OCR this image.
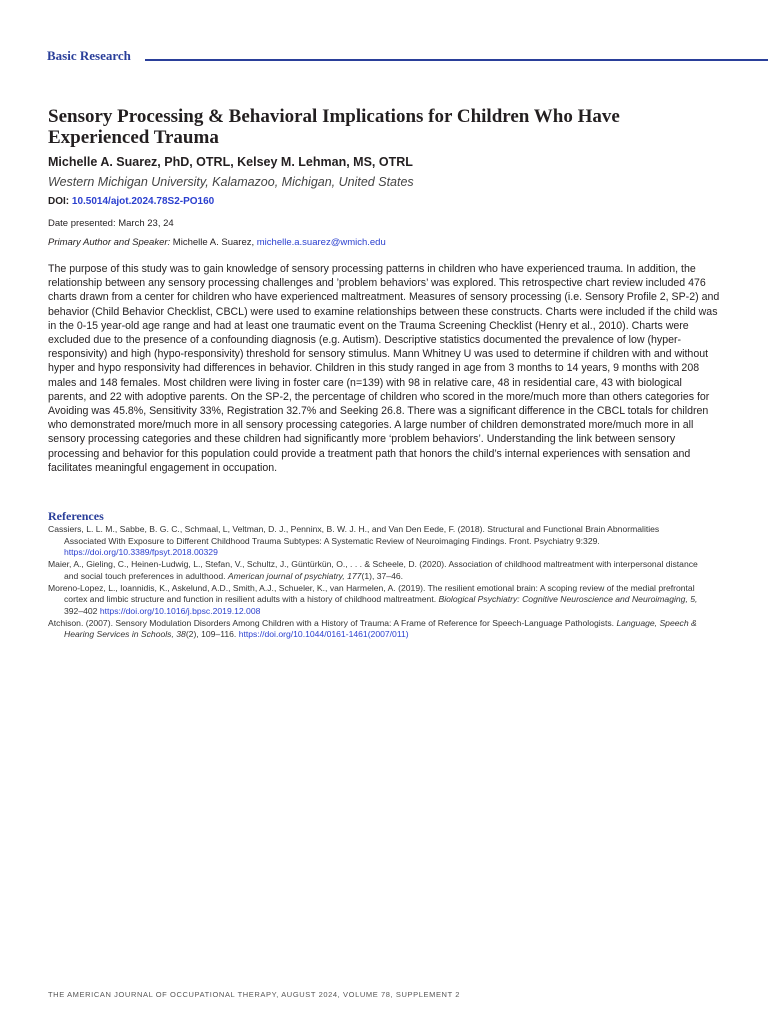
Basic Research
Sensory Processing & Behavioral Implications for Children Who Have Experienced Trauma
Michelle A. Suarez, PhD, OTRL, Kelsey M. Lehman, MS, OTRL
Western Michigan University, Kalamazoo, Michigan, United States
DOI: 10.5014/ajot.2024.78S2-PO160
Date presented: March 23, 24
Primary Author and Speaker: Michelle A. Suarez, michelle.a.suarez@wmich.edu

The purpose of this study was to gain knowledge of sensory processing patterns in children who have experienced trauma. In addition, the relationship between any sensory processing challenges and ’problem behaviors’ was explored. This retrospective chart review included 476 charts drawn from a center for children who have experienced maltreatment. Measures of sensory processing (i.e. Sensory Profile 2, SP-2) and behavior (Child Behavior Checklist, CBCL) were used to examine relationships between these constructs. Charts were included if the child was in the 0-15 year-old age range and had at least one traumatic event on the Trauma Screening Checklist (Henry et al., 2010). Charts were excluded due to the presence of a confounding diagnosis (e.g. Autism). Descriptive statistics documented the prevalence of low (hyper- responsivity) and high (hypo-responsivity) threshold for sensory stimulus. Mann Whitney U was used to determine if children with and without hyper and hypo responsivity had differences in behavior. Children in this study ranged in age from 3 months to 14 years, 9 months with 208 males and 148 females. Most children were living in foster care (n=139) with 98 in relative care, 48 in residential care, 43 with biological parents, and 22 with adoptive parents. On the SP-2, the percentage of children who scored in the more/much more than others categories for Avoiding was 45.8%, Sensitivity 33%, Registration 32.7% and Seeking 26.8. There was a significant difference in the CBCL totals for children who demonstrated more/much more in all sensory processing categories. A large number of children demonstrated more/much more in all sensory processing categories and these children had significantly more ‘problem behaviors’. Understanding the link between sensory processing and behavior for this population could provide a treatment path that honors the child’s internal experiences with sensation and facilitates meaningful engagement in occupation.

References

Cassiers, L. L. M., Sabbe, B. G. C., Schmaal, L, Veltman, D. J., Penninx, B. W. J. H., and Van Den Eede, F. (2018). Structural and Functional Brain Abnormalities Associated With Exposure to Different Childhood Trauma Subtypes: A Systematic Review of Neuroimaging Findings. Front. Psychiatry 9:329. https://doi.org/10.3389/fpsyt.2018.00329

Maier, A., Gieling, C., Heinen-Ludwig, L., Stefan, V., Schultz, J., Güntürkün, O., . . . & Scheele, D. (2020). Association of childhood maltreatment with interpersonal distance and social touch preferences in adulthood. American journal of psychiatry, 177(1), 37–46.

Moreno-Lopez, L., Ioannidis, K., Askelund, A.D., Smith, A.J., Schueler, K., van Harmelen, A. (2019). The resilient emotional brain: A scoping review of the medial prefrontal cortex and limbic structure and function in resilient adults with a history of childhood maltreatment. Biological Psychiatry: Cognitive Neuroscience and Neuroimaging, 5, 392–402 https://doi.org/10.1016/j.bpsc.2019.12.008

Atchison. (2007). Sensory Modulation Disorders Among Children with a History of Trauma: A Frame of Reference for Speech-Language Pathologists. Language, Speech & Hearing Services in Schools, 38(2), 109–116. https://doi.org/10.1044/0161-1461(2007/011)

THE AMERICAN JOURNAL OF OCCUPATIONAL THERAPY, AUGUST 2024, VOLUME 78, SUPPLEMENT 2
